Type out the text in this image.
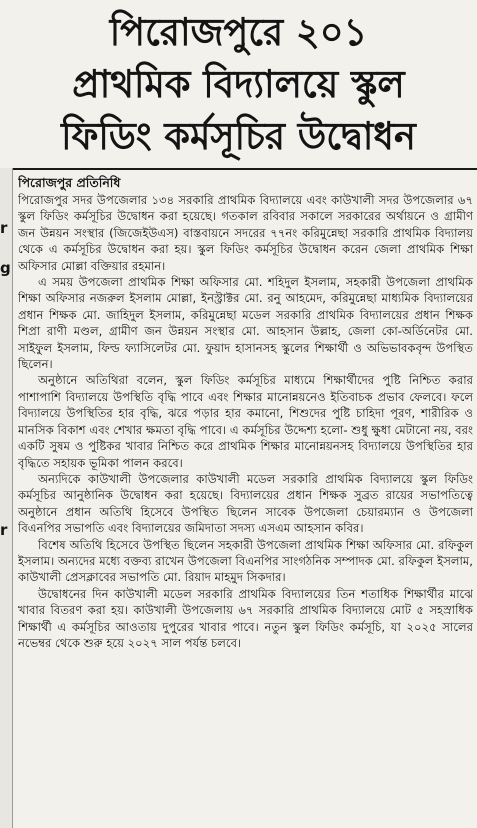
পিরোজপুরে ২০১
প্রাথমিক বিদ্যালয়ে স্কুল
ফিডিং কর্মসূচির উদ্বোধন
r
g
r
পিরোজপুর প্রতিনিধি

পিরোজপুর সদর উপজেলার ১৩৪ সরকারি প্রাথমিক বিদ্যালয়ে এবং কাউখালী সদর উপজেলার ৬৭ স্কুল ফিডিং কর্মসূচির উদ্বোধন করা হয়েছে। গতকাল রবিবার সকালে সরকারের অর্থায়নে ও গ্রামীণ জন উন্নয়ন সংস্থার (জিজেইউএস) বাস্তবায়নে সদরের ৭৭নং করিমুন্নেছা সরকারি প্রাথমিক বিদ্যালয় থেকে এ কর্মসূচির উদ্বোধন করা হয়। স্কুল ফিডিং কর্মসূচির উদ্বোধন করেন জেলা প্রাথমিক শিক্ষা অফিসার মোল্লা বক্তিয়ার রহমান।

এ সময় উপজেলা প্রাথমিক শিক্ষা অফিসার মো. শহিদুল ইসলাম, সহকারী উপজেলা প্রাথমিক শিক্ষা অফিসার নজরুল ইসলাম মোল্লা, ইনস্ট্রাক্টর মো. রনু আহমেদ, করিমুন্নেছা মাধ্যমিক বিদ্যালয়ের প্রধান শিক্ষক মো. জাহিদুল ইসলাম, করিমুন্নেছা মডেল সরকারি প্রাথমিক বিদ্যালয়ের প্রধান শিক্ষক শিপ্রা রাণী মণ্ডল, গ্রামীণ জন উন্নয়ন সংস্থার মো. আহসান উল্লাহ, জেলা কো-অর্ডিনেটর মো. সাইফুল ইসলাম, ফিল্ড ফ্যাসিলেটর মো. ফুয়াদ হাসানসহ স্কুলের শিক্ষার্থী ও অভিভাবকবৃন্দ উপস্থিত ছিলেন।

অনুষ্ঠানে অতিথিরা বলেন, স্কুল ফিডিং কর্মসূচির মাধ্যমে শিক্ষার্থীদের পুষ্টি নিশ্চিত করার পাশাপাশি বিদ্যালয়ে উপস্থিতি বৃদ্ধি পাবে এবং শিক্ষার মানোন্নয়নেও ইতিবাচক প্রভাব ফেলবে। ফলে বিদ্যালয়ে উপস্থিতির হার বৃদ্ধি, ঝরে পড়ার হার কমানো, শিশুদের পুষ্টি চাহিদা পূরণ, শারীরিক ও মানসিক বিকাশ এবং শেখার ক্ষমতা বৃদ্ধি পাবে। এ কর্মসূচির উদ্দেশ্য হলো- শুধু ক্ষুধা মেটানো নয়, বরং একটি সুষম ও পুষ্টিকর খাবার নিশ্চিত করে প্রাথমিক শিক্ষার মানোন্নয়নসহ বিদ্যালয়ে উপস্থিতির হার বৃদ্ধিতে সহায়ক ভূমিকা পালন করবে।

অন্যদিকে কাউখালী উপজেলার কাউখালী মডেল সরকারি প্রাথমিক বিদ্যালয়ে স্কুল ফিডিং কর্মসূচির আনুষ্ঠানিক উদ্বোধন করা হয়েছে। বিদ্যালয়ের প্রধান শিক্ষক সুব্রত রায়ের সভাপতিত্বে অনুষ্ঠানে প্রধান অতিথি হিসেবে উপস্থিত ছিলেন সাবেক উপজেলা চেয়ারম্যান ও উপজেলা বিএনপির সভাপতি এবং বিদ্যালয়ের জমিদাতা সদস্য এসএম আহসান কবির।

বিশেষ অতিথি হিসেবে উপস্থিত ছিলেন সহকারী উপজেলা প্রাথমিক শিক্ষা অফিসার মো. রফিকুল ইসলাম। অন্যদের মধ্যে বক্তব্য রাখেন উপজেলা বিএনপির সাংগঠনিক সম্পাদক মো. রফিকুল ইসলাম, কাউখালী প্রেসক্লাবের সভাপতি মো. রিয়াদ মাহমুদ সিকদার।

উদ্বোধনের দিন কাউখালী মডেল সরকারি প্রাথমিক বিদ্যালয়ের তিন শতাধিক শিক্ষার্থীর মাঝে খাবার বিতরণ করা হয়। কাউখালী উপজেলায় ৬৭ সরকারি প্রাথমিক বিদ্যালয়ে মোট ৫ সহস্রাধিক শিক্ষার্থী এ কর্মসূচির আওতায় দুপুরের খাবার পাবে। নতুন স্কুল ফিডিং কর্মসূচি, যা ২০২৫ সালের নভেম্বর থেকে শুরু হয়ে ২০২৭ সাল পর্যন্ত চলবে।
